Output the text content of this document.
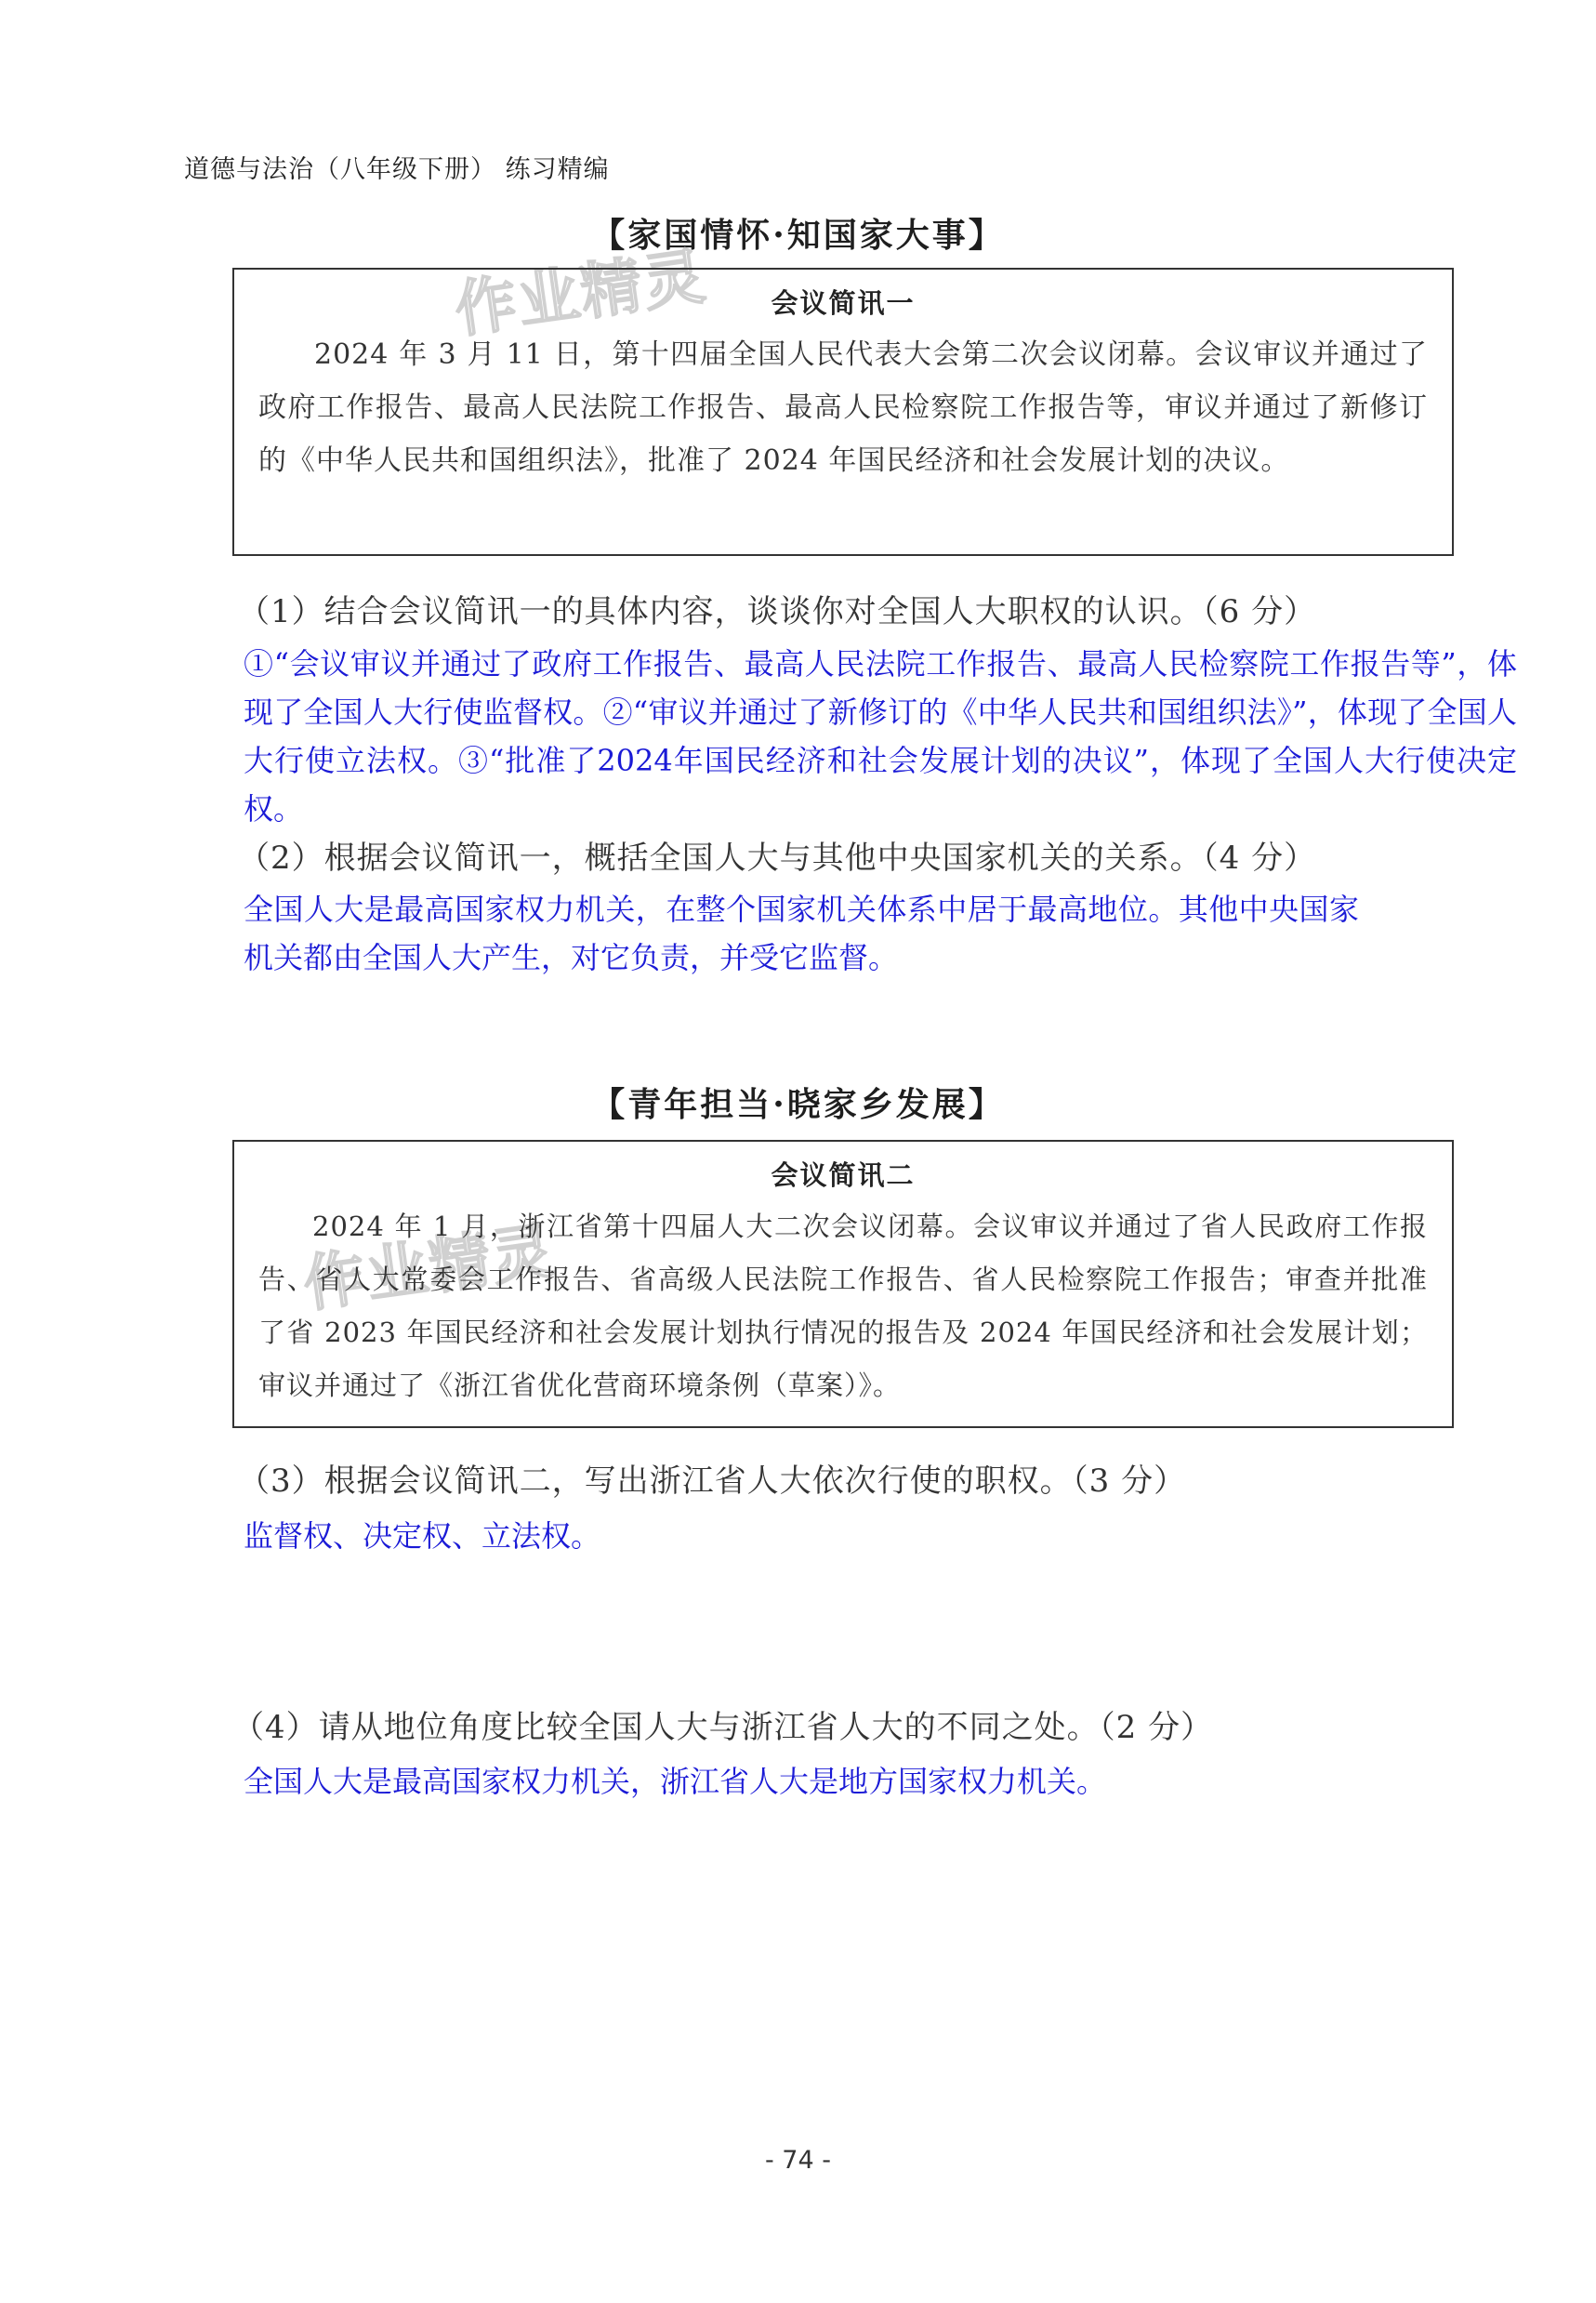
道德与法治（八年级下册） 练习精编
【家国情怀·知国家大事】
作业精灵	会议简讯一
2024 年 3 月 11 日，第十四届全国人民代表大会第二次会议闭幕。会议审议并通过了政府工作报告、最高人民法院工作报告、最高人民检察院工作报告等，审议并通过了新修订的《中华人民共和国组织法》，批准了 2024 年国民经济和社会发展计划的决议。
（1）结合会议简讯一的具体内容，谈谈你对全国人大职权的认识。（6 分）
①“会议审议并通过了政府工作报告、最高人民法院工作报告、最高人民检察院工作报告等”，体现了全国人大行使监督权。②“审议并通过了新修订的《中华人民共和国组织法》”，体现了全国人大行使立法权。③“批准了2024年国民经济和社会发展计划的决议”，体现了全国人大行使决定权。
（2）根据会议简讯一，概括全国人大与其他中央国家机关的关系。（4 分）
全国人大是最高国家权力机关，在整个国家机关体系中居于最高地位。其他中央国家机关都由全国人大产生，对它负责，并受它监督。
【青年担当·晓家乡发展】
作业精灵
会议简讯二
2024 年 1 月，浙江省第十四届人大二次会议闭幕。会议审议并通过了省人民政府工作报告、省人大常委会工作报告、省高级人民法院工作报告、省人民检察院工作报告；审查并批准了省 2023 年国民经济和社会发展计划执行情况的报告及 2024 年国民经济和社会发展计划；审议并通过了《浙江省优化营商环境条例（草案）》。
（3）根据会议简讯二，写出浙江省人大依次行使的职权。（3 分）
监督权、决定权、立法权。
（4）请从地位角度比较全国人大与浙江省人大的不同之处。（2 分）
全国人大是最高国家权力机关，浙江省人大是地方国家权力机关。
- 74 -
